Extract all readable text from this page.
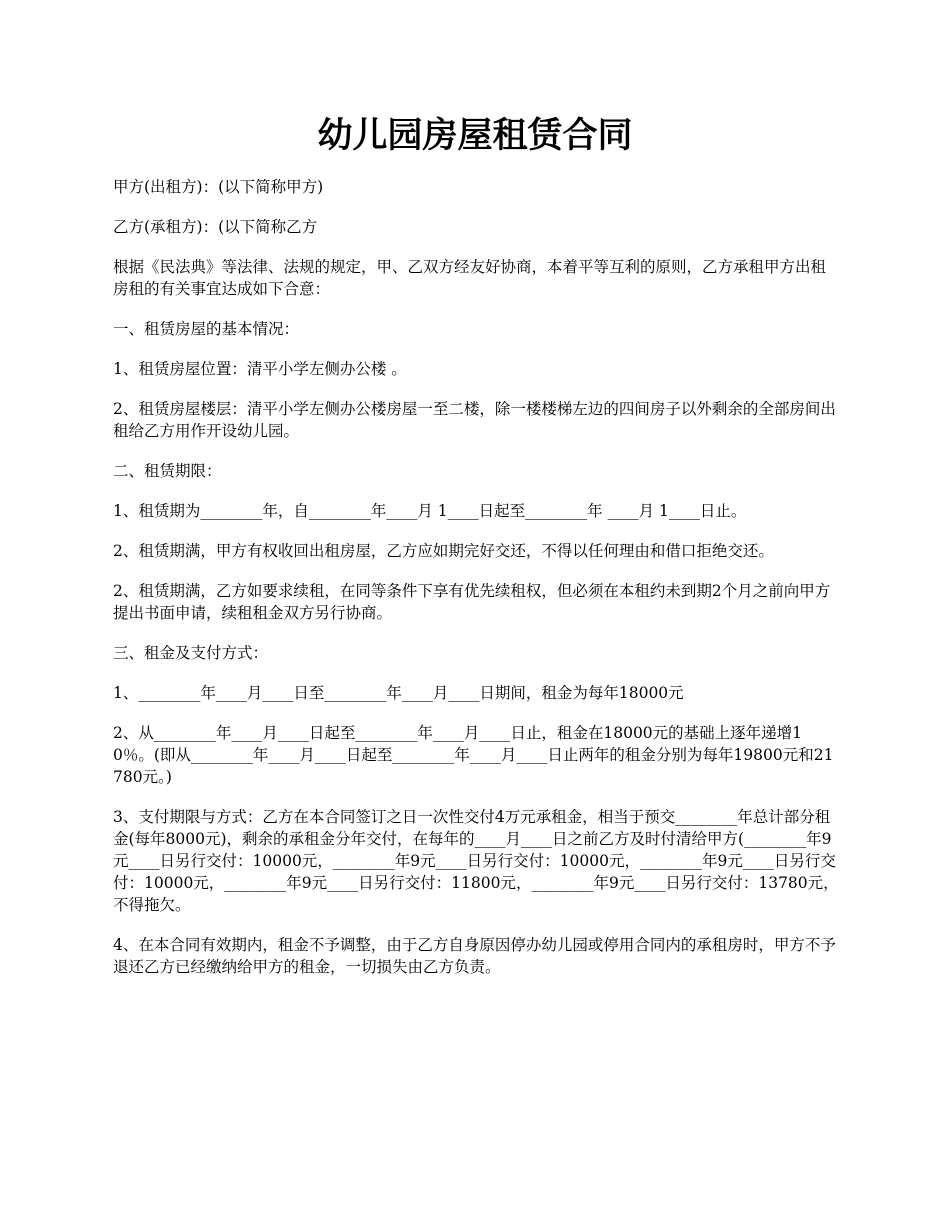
幼儿园房屋租赁合同

甲方(出租方)：(以下简称甲方)

乙方(承租方)：(以下简称乙方

根据《民法典》等法律、法规的规定，甲、乙双方经友好协商，本着平等互利的原则，乙方承租甲方出租房租的有关事宜达成如下合意：

一、租赁房屋的基本情况：

1、租赁房屋位置：清平小学左侧办公楼 。

2、租赁房屋楼层：清平小学左侧办公楼房屋一至二楼，除一楼楼梯左边的四间房子以外剩余的全部房间出租给乙方用作开设幼儿园。

二、租赁期限：

1、租赁期为________年，自________年____月 1____日起至________年 ____月 1____日止。

2、租赁期满，甲方有权收回出租房屋，乙方应如期完好交还，不得以任何理由和借口拒绝交还。

2、租赁期满，乙方如要求续租，在同等条件下享有优先续租权，但必须在本租约未到期2个月之前向甲方提出书面申请，续租租金双方另行协商。

三、租金及支付方式：

1、________年____月____日至________年____月____日期间，租金为每年18000元

2、从________年____月____日起至________年____月____日止，租金在18000元的基础上逐年递增10％。(即从________年____月____日起至________年____月____日止两年的租金分别为每年19800元和21780元。)

3、支付期限与方式：乙方在本合同签订之日一次性交付4万元承租金，相当于预交________年总计部分租金(每年8000元)，剩余的承租金分年交付，在每年的____月____日之前乙方及时付清给甲方(________年9元____日另行交付：10000元，________年9元____日另行交付：10000元，________年9元____日另行交付：10000元，________年9元____日另行交付：11800元，________年9元____日另行交付：13780元，不得拖欠。

4、在本合同有效期内，租金不予调整，由于乙方自身原因停办幼儿园或停用合同内的承租房时，甲方不予退还乙方已经缴纳给甲方的租金，一切损失由乙方负责。
